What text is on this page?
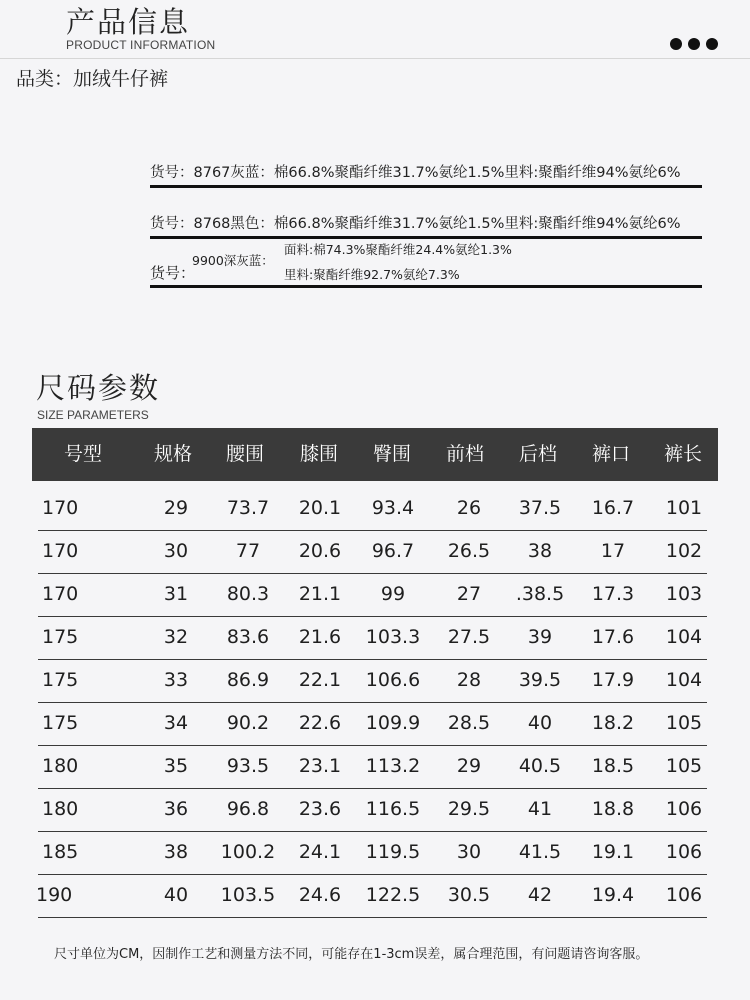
产品信息
PRODUCT INFORMATION
品类：加绒牛仔裤
货号：8767灰蓝：棉66.8%聚酯纤维31.7%氨纶1.5%里料:聚酯纤维94%氨纶6%
货号：8768黑色：棉66.8%聚酯纤维31.7%氨纶1.5%里料:聚酯纤维94%氨纶6%
货号：
9900深灰蓝：
面料:棉74.3%聚酯纤维24.4%氨纶1.3%
里料:聚酯纤维92.7%氨纶7.3%
尺码参数
SIZE PARAMETERS
号型	规格 腰围 膝围 臀围 前档 后档 裤口 裤长
170	29 73.7 20.1 93.4 26 37.5 16.7 101
170	30	77 20.6 96.7 26.5 38	17 102
170	31 80.3 21.1 99	27 .38.5 17.3 103
175	32 83.6 21.6 103.3 27.5 39 17.6 104
175	33 86.9 22.1 106.6 28 39.5 17.9 104
175	34 90.2 22.6 109.9 28.5 40 18.2 105
180	35 93.5 23.1 113.2 29 40.5 18.5 105
180	36 96.8 23.6 116.5 29.5 41 18.8 106
185	38 100.2 24.1 119.5 30 41.5 19.1 106
190	40 103.5 24.6 122.5 30.5 42 19.4 106
尺寸单位为CM，因制作工艺和测量方法不同，可能存在1-3cm误差，属合理范围，有问题请咨询客服。
